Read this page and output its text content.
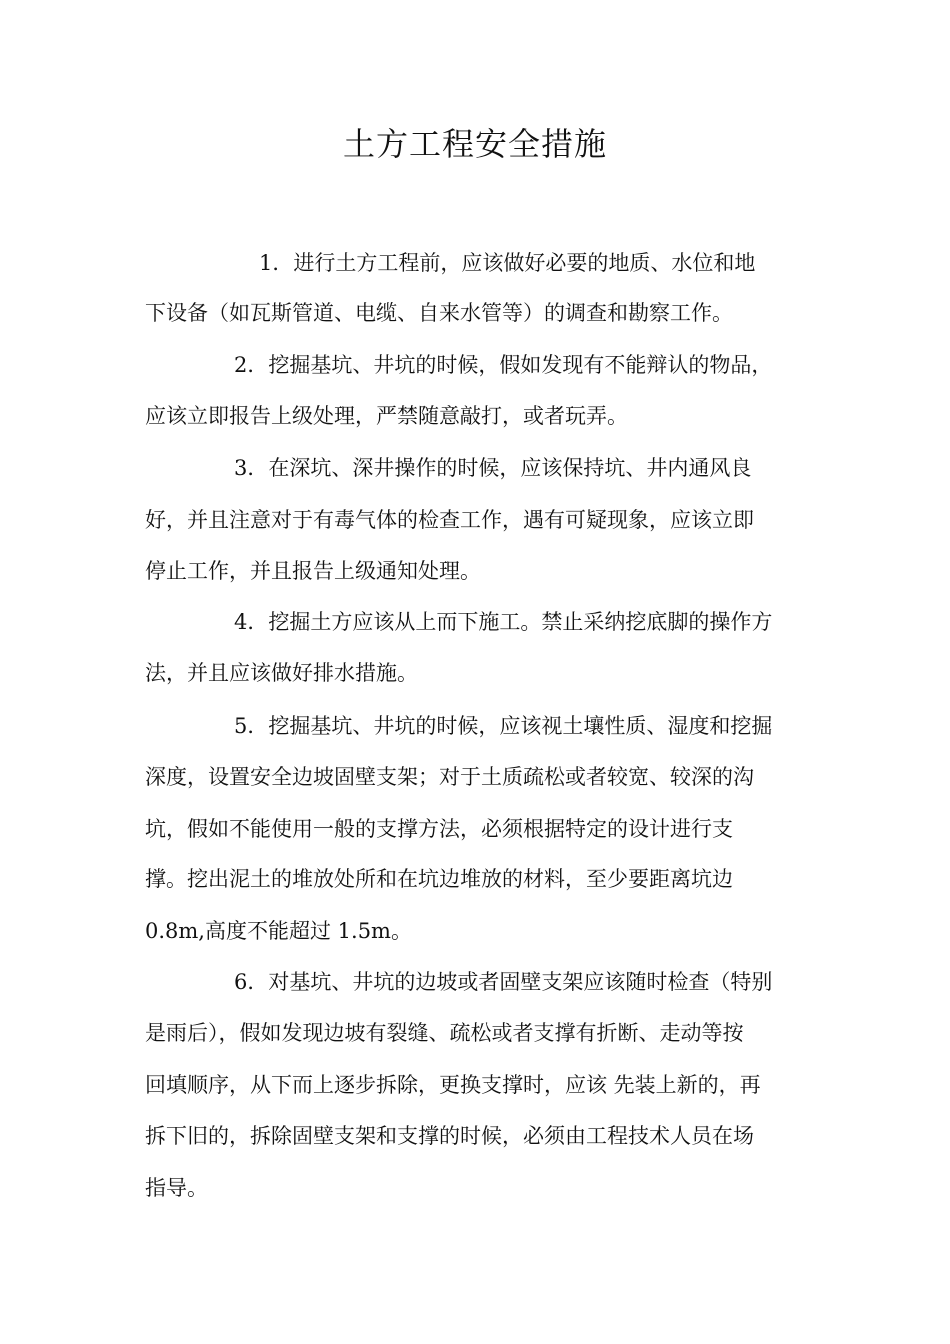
土方工程安全措施

1．进行土方工程前，应该做好必要的地质、水位和地

下设备（如瓦斯管道、电缆、自来水管等）的调查和勘察工作。

2．挖掘基坑、井坑的时候，假如发现有不能辩认的物品，

应该立即报告上级处理，严禁随意敲打，或者玩弄。

3．在深坑、深井操作的时候，应该保持坑、井内通风良

好，并且注意对于有毒气体的检查工作，遇有可疑现象，应该立即

停止工作，并且报告上级通知处理。

4．挖掘土方应该从上而下施工。禁止采纳挖底脚的操作方

法，并且应该做好排水措施。

5．挖掘基坑、井坑的时候，应该视土壤性质、湿度和挖掘

深度，设置安全边坡固壁支架；对于土质疏松或者较宽、较深的沟

坑，假如不能使用一般的支撑方法，必须根据特定的设计进行支

撑。挖出泥土的堆放处所和在坑边堆放的材料，至少要距离坑边

0.8m,高度不能超过 1.5m。

6．对基坑、井坑的边坡或者固壁支架应该随时检查（特别

是雨后），假如发现边坡有裂缝、疏松或者支撑有折断、走动等按

回填顺序，从下而上逐步拆除，更换支撑时，应该 先装上新的，再

拆下旧的，拆除固壁支架和支撑的时候，必须由工程技术人员在场

指导。
